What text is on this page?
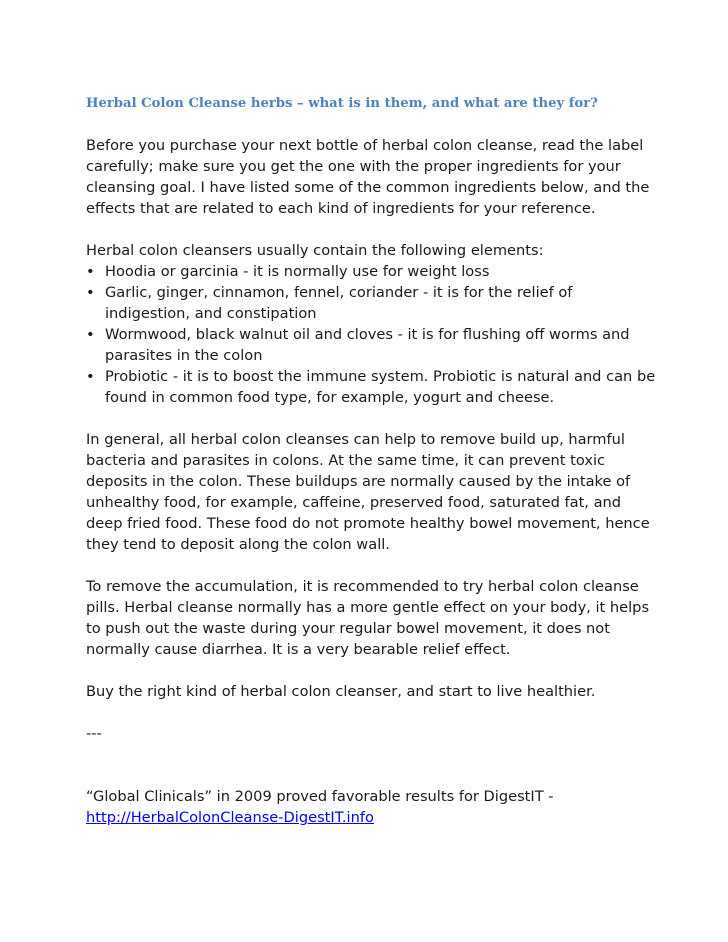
Herbal Colon Cleanse herbs – what is in them, and what are they for?

Before you purchase your next bottle of herbal colon cleanse, read the label carefully; make sure you get the one with the proper ingredients for your cleansing goal. I have listed some of the common ingredients below, and the effects that are related to each kind of ingredients for your reference.

Herbal colon cleansers usually contain the following elements:
• Hoodia or garcinia - it is normally use for weight loss
• Garlic, ginger, cinnamon, fennel, coriander - it is for the relief of indigestion, and constipation
• Wormwood, black walnut oil and cloves - it is for flushing off worms and parasites in the colon
• Probiotic - it is to boost the immune system. Probiotic is natural and can be found in common food type, for example, yogurt and cheese.

In general, all herbal colon cleanses can help to remove build up, harmful bacteria and parasites in colons. At the same time, it can prevent toxic deposits in the colon. These buildups are normally caused by the intake of unhealthy food, for example, caffeine, preserved food, saturated fat, and deep fried food. These food do not promote healthy bowel movement, hence they tend to deposit along the colon wall.

To remove the accumulation, it is recommended to try herbal colon cleanse pills. Herbal cleanse normally has a more gentle effect on your body, it helps to push out the waste during your regular bowel movement, it does not normally cause diarrhea. It is a very bearable relief effect.

Buy the right kind of herbal colon cleanser, and start to live healthier.

---
“Global Clinicals” in 2009 proved favorable results for DigestIT -
http://HerbalColonCleanse-DigestIT.info
